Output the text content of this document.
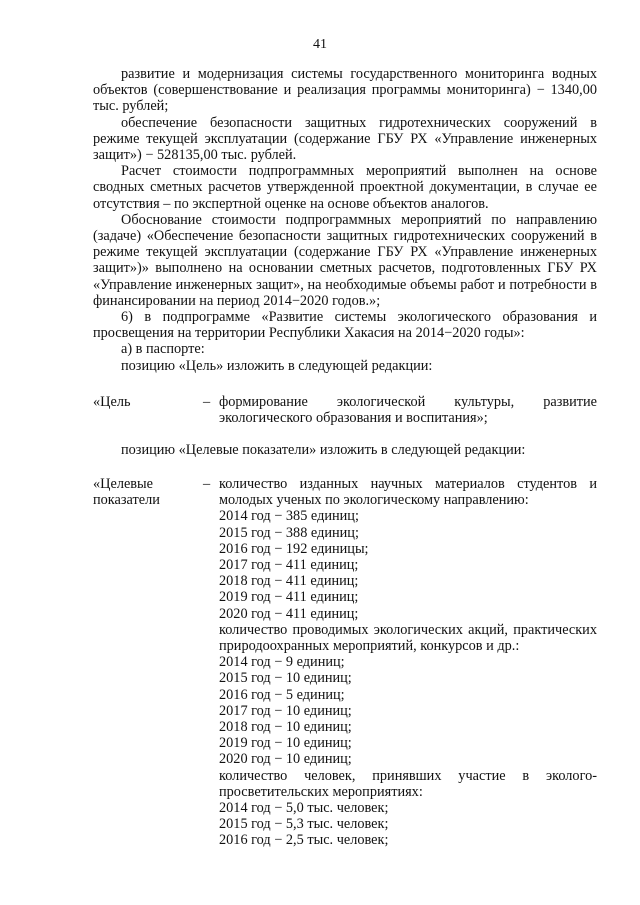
41

развитие и модернизация системы государственного мониторинга водных объектов (совершенствование и реализация программы мониторинга) − 1340,00 тыс. рублей;

обеспечение безопасности защитных гидротехнических сооружений в режиме текущей эксплуатации (содержание ГБУ РХ «Управление инженерных защит») − 528135,00 тыс. рублей.

Расчет стоимости подпрограммных мероприятий выполнен на основе сводных сметных расчетов утвержденной проектной документации, в случае ее отсутствия – по экспертной оценке на основе объектов аналогов.

Обоснование стоимости подпрограммных мероприятий по направлению (задаче) «Обеспечение безопасности защитных гидротехнических сооружений в режиме текущей эксплуатации (содержание ГБУ РХ «Управление инженерных защит»)» выполнено на основании сметных расчетов, подготовленных ГБУ РХ «Управление инженерных защит», на необходимые объемы работ и потребности в финансировании на период 2014−2020 годов.»;

6) в подпрограмме «Развитие системы экологического образования и просвещения на территории Республики Хакасия на 2014−2020 годы»:

а) в паспорте:

позицию «Цель» изложить в следующей редакции:

«Цель	– формирование экологической культуры, развитие экологического образования и воспитания»;

позицию «Целевые показатели» изложить в следующей редакции:

«Целевые
показатели
– количество изданных научных материалов студентов и молодых ученых по экологическому направлению:
2014 год − 385 единиц;
2015 год − 388 единиц;
2016 год − 192 единицы;
2017 год − 411 единиц;
2018 год − 411 единиц;
2019 год − 411 единиц;
2020 год − 411 единиц;
количество проводимых экологических акций, практических природоохранных мероприятий, конкурсов и др.:
2014 год − 9 единиц;
2015 год − 10 единиц;
2016 год − 5 единиц;
2017 год − 10 единиц;
2018 год − 10 единиц;
2019 год − 10 единиц;
2020 год − 10 единиц;
количество человек, принявших участие в эколого-просветительских мероприятиях:
2014 год − 5,0 тыс. человек;
2015 год − 5,3 тыс. человек;
2016 год − 2,5 тыс. человек;
